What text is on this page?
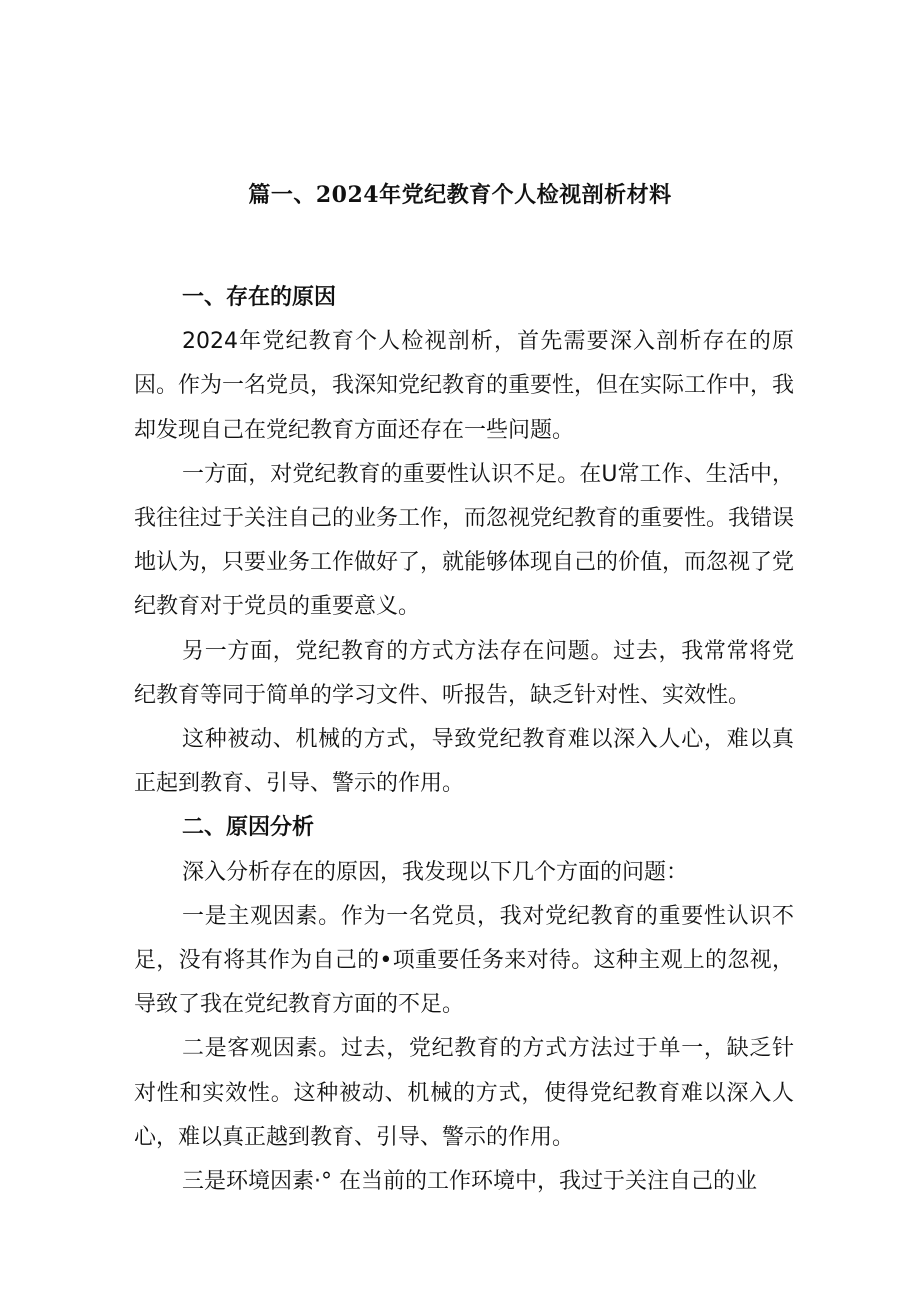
篇一、2024年党纪教育个人检视剖析材料
一、存在的原因

2024年党纪教育个人检视剖析，首先需要深入剖析存在的原因。作为一名党员，我深知党纪教育的重要性，但在实际工作中，我却发现自己在党纪教育方面还存在一些问题。

一方面，对党纪教育的重要性认识不足。在U常工作、生活中，我往往过于关注自己的业务工作，而忽视党纪教育的重要性。我错误地认为，只要业务工作做好了，就能够体现自己的价值，而忽视了党纪教育对于党员的重要意义。

另一方面，党纪教育的方式方法存在问题。过去，我常常将党纪教育等同于简单的学习文件、听报告，缺乏针对性、实效性。

这种被动、机械的方式，导致党纪教育难以深入人心，难以真正起到教育、引导、警示的作用。

二、原因分析

深入分析存在的原因，我发现以下几个方面的问题：

一是主观因素。作为一名党员，我对党纪教育的重要性认识不足，没有将其作为自己的•项重要任务来对待。这种主观上的忽视，导致了我在党纪教育方面的不足。

二是客观因素。过去，党纪教育的方式方法过于单一，缺乏针对性和实效性。这种被动、机械的方式，使得党纪教育难以深入人心，难以真正越到教育、引导、警示的作用。

三是环境因素·° 在当前的工作环境中，我过于关注自己的业
